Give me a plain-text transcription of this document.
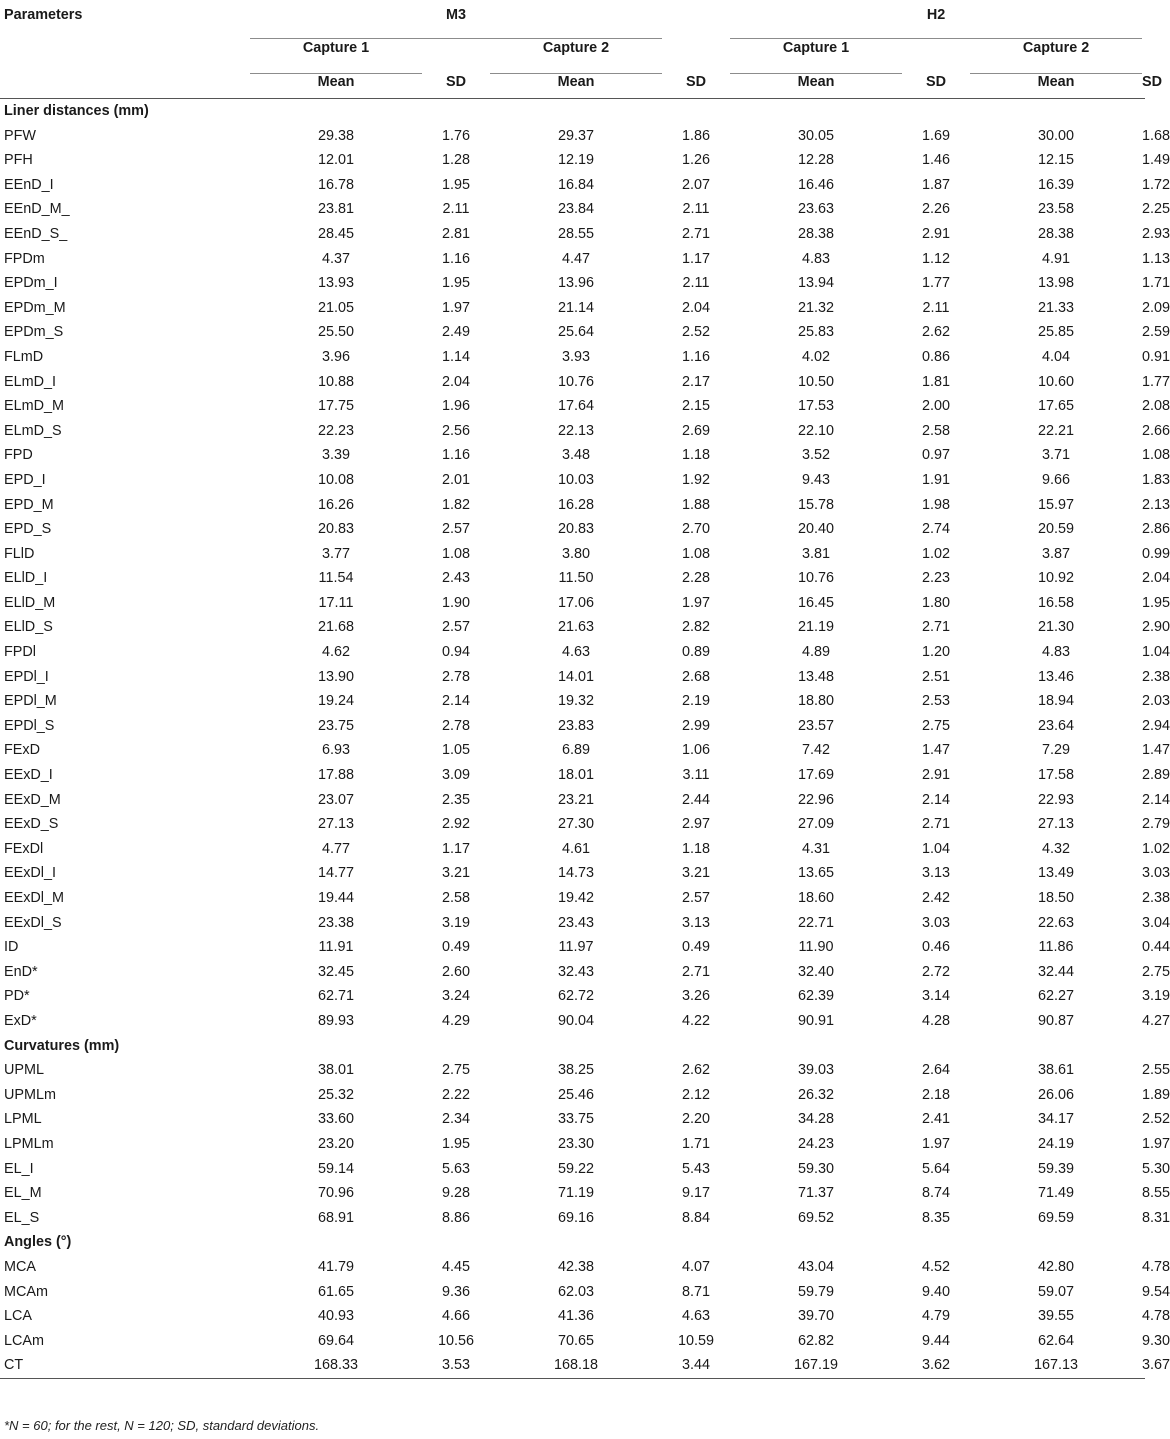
Parameters	M3				H2			
	Capture 1		Capture 2		Capture 1		Capture 2	
	Mean	SD	Mean	SD	Mean	SD	Mean	SD
Liner distances (mm)								
PFW	29.38	1.76	29.37	1.86	30.05	1.69	30.00	1.68
PFH	12.01	1.28	12.19	1.26	12.28	1.46	12.15	1.49
EEnD_I	16.78	1.95	16.84	2.07	16.46	1.87	16.39	1.72
EEnD_M_	23.81	2.11	23.84	2.11	23.63	2.26	23.58	2.25
EEnD_S_	28.45	2.81	28.55	2.71	28.38	2.91	28.38	2.93
FPDm	4.37	1.16	4.47	1.17	4.83	1.12	4.91	1.13
EPDm_I	13.93	1.95	13.96	2.11	13.94	1.77	13.98	1.71
EPDm_M	21.05	1.97	21.14	2.04	21.32	2.11	21.33	2.09
EPDm_S	25.50	2.49	25.64	2.52	25.83	2.62	25.85	2.59
FLmD	3.96	1.14	3.93	1.16	4.02	0.86	4.04	0.91
ELmD_I	10.88	2.04	10.76	2.17	10.50	1.81	10.60	1.77
ELmD_M	17.75	1.96	17.64	2.15	17.53	2.00	17.65	2.08
ELmD_S	22.23	2.56	22.13	2.69	22.10	2.58	22.21	2.66
FPD	3.39	1.16	3.48	1.18	3.52	0.97	3.71	1.08
EPD_I	10.08	2.01	10.03	1.92	9.43	1.91	9.66	1.83
EPD_M	16.26	1.82	16.28	1.88	15.78	1.98	15.97	2.13
EPD_S	20.83	2.57	20.83	2.70	20.40	2.74	20.59	2.86
FLlD	3.77	1.08	3.80	1.08	3.81	1.02	3.87	0.99
ELlD_I	11.54	2.43	11.50	2.28	10.76	2.23	10.92	2.04
ELlD_M	17.11	1.90	17.06	1.97	16.45	1.80	16.58	1.95
ELlD_S	21.68	2.57	21.63	2.82	21.19	2.71	21.30	2.90
FPDl	4.62	0.94	4.63	0.89	4.89	1.20	4.83	1.04
EPDl_I	13.90	2.78	14.01	2.68	13.48	2.51	13.46	2.38
EPDl_M	19.24	2.14	19.32	2.19	18.80	2.53	18.94	2.03
EPDl_S	23.75	2.78	23.83	2.99	23.57	2.75	23.64	2.94
FExD	6.93	1.05	6.89	1.06	7.42	1.47	7.29	1.47
EExD_I	17.88	3.09	18.01	3.11	17.69	2.91	17.58	2.89
EExD_M	23.07	2.35	23.21	2.44	22.96	2.14	22.93	2.14
EExD_S	27.13	2.92	27.30	2.97	27.09	2.71	27.13	2.79
FExDl	4.77	1.17	4.61	1.18	4.31	1.04	4.32	1.02
EExDl_I	14.77	3.21	14.73	3.21	13.65	3.13	13.49	3.03
EExDl_M	19.44	2.58	19.42	2.57	18.60	2.42	18.50	2.38
EExDl_S	23.38	3.19	23.43	3.13	22.71	3.03	22.63	3.04
ID	11.91	0.49	11.97	0.49	11.90	0.46	11.86	0.44
EnD*	32.45	2.60	32.43	2.71	32.40	2.72	32.44	2.75
PD*	62.71	3.24	62.72	3.26	62.39	3.14	62.27	3.19
ExD*	89.93	4.29	90.04	4.22	90.91	4.28	90.87	4.27
Curvatures (mm)								
UPML	38.01	2.75	38.25	2.62	39.03	2.64	38.61	2.55
UPMLm	25.32	2.22	25.46	2.12	26.32	2.18	26.06	1.89
LPML	33.60	2.34	33.75	2.20	34.28	2.41	34.17	2.52
LPMLm	23.20	1.95	23.30	1.71	24.23	1.97	24.19	1.97
EL_I	59.14	5.63	59.22	5.43	59.30	5.64	59.39	5.30
EL_M	70.96	9.28	71.19	9.17	71.37	8.74	71.49	8.55
EL_S	68.91	8.86	69.16	8.84	69.52	8.35	69.59	8.31
Angles (°)								
MCA	41.79	4.45	42.38	4.07	43.04	4.52	42.80	4.78
MCAm	61.65	9.36	62.03	8.71	59.79	9.40	59.07	9.54
LCA	40.93	4.66	41.36	4.63	39.70	4.79	39.55	4.78
LCAm	69.64	10.56	70.65	10.59	62.82	9.44	62.64	9.30
CT	168.33	3.53	168.18	3.44	167.19	3.62	167.13	3.67
*N = 60; for the rest, N = 120; SD, standard deviations.
